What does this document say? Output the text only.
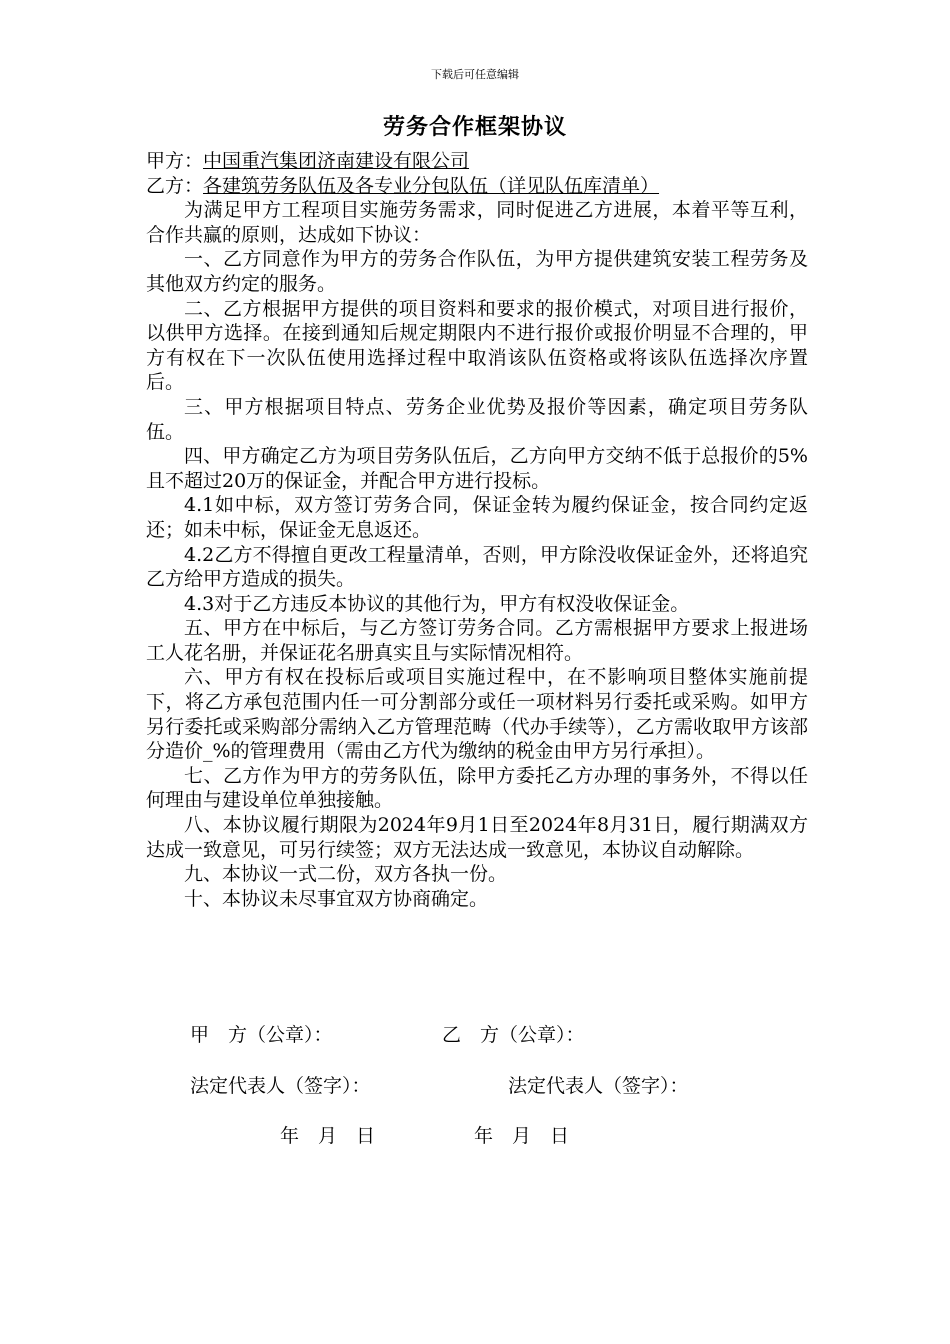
下载后可任意编辑
劳务合作框架协议
甲方：中国重汽集团济南建设有限公司
乙方：各建筑劳务队伍及各专业分包队伍（详见队伍库清单）
为满足甲方工程项目实施劳务需求，同时促进乙方进展，本着平等互利，合作共赢的原则，达成如下协议：
一、乙方同意作为甲方的劳务合作队伍，为甲方提供建筑安装工程劳务及其他双方约定的服务。
二、乙方根据甲方提供的项目资料和要求的报价模式，对项目进行报价，以供甲方选择。在接到通知后规定期限内不进行报价或报价明显不合理的，甲方有权在下一次队伍使用选择过程中取消该队伍资格或将该队伍选择次序置后。
三、甲方根据项目特点、劳务企业优势及报价等因素，确定项目劳务队伍。
四、甲方确定乙方为项目劳务队伍后，乙方向甲方交纳不低于总报价的5%且不超过20万的保证金，并配合甲方进行投标。
4.1如中标，双方签订劳务合同，保证金转为履约保证金，按合同约定返还；如未中标，保证金无息返还。
4.2乙方不得擅自更改工程量清单，否则，甲方除没收保证金外，还将追究乙方给甲方造成的损失。
4.3对于乙方违反本协议的其他行为，甲方有权没收保证金。
五、甲方在中标后，与乙方签订劳务合同。乙方需根据甲方要求上报进场工人花名册，并保证花名册真实且与实际情况相符。
六、甲方有权在投标后或项目实施过程中，在不影响项目整体实施前提下，将乙方承包范围内任一可分割部分或任一项材料另行委托或采购。如甲方另行委托或采购部分需纳入乙方管理范畴（代办手续等），乙方需收取甲方该部分造价_%的管理费用（需由乙方代为缴纳的税金由甲方另行承担）。
七、乙方作为甲方的劳务队伍，除甲方委托乙方办理的事务外，不得以任何理由与建设单位单独接触。
八、本协议履行期限为2024年9月1日至2024年8月31日，履行期满双方达成一致意见，可另行续签；双方无法达成一致意见，本协议自动解除。
九、本协议一式二份，双方各执一份。
十、本协议未尽事宜双方协商确定。
甲　方（公章）：	乙　方（公章）：
法定代表人（签字）：	法定代表人（签字）：
年　月　日	年　月　日
